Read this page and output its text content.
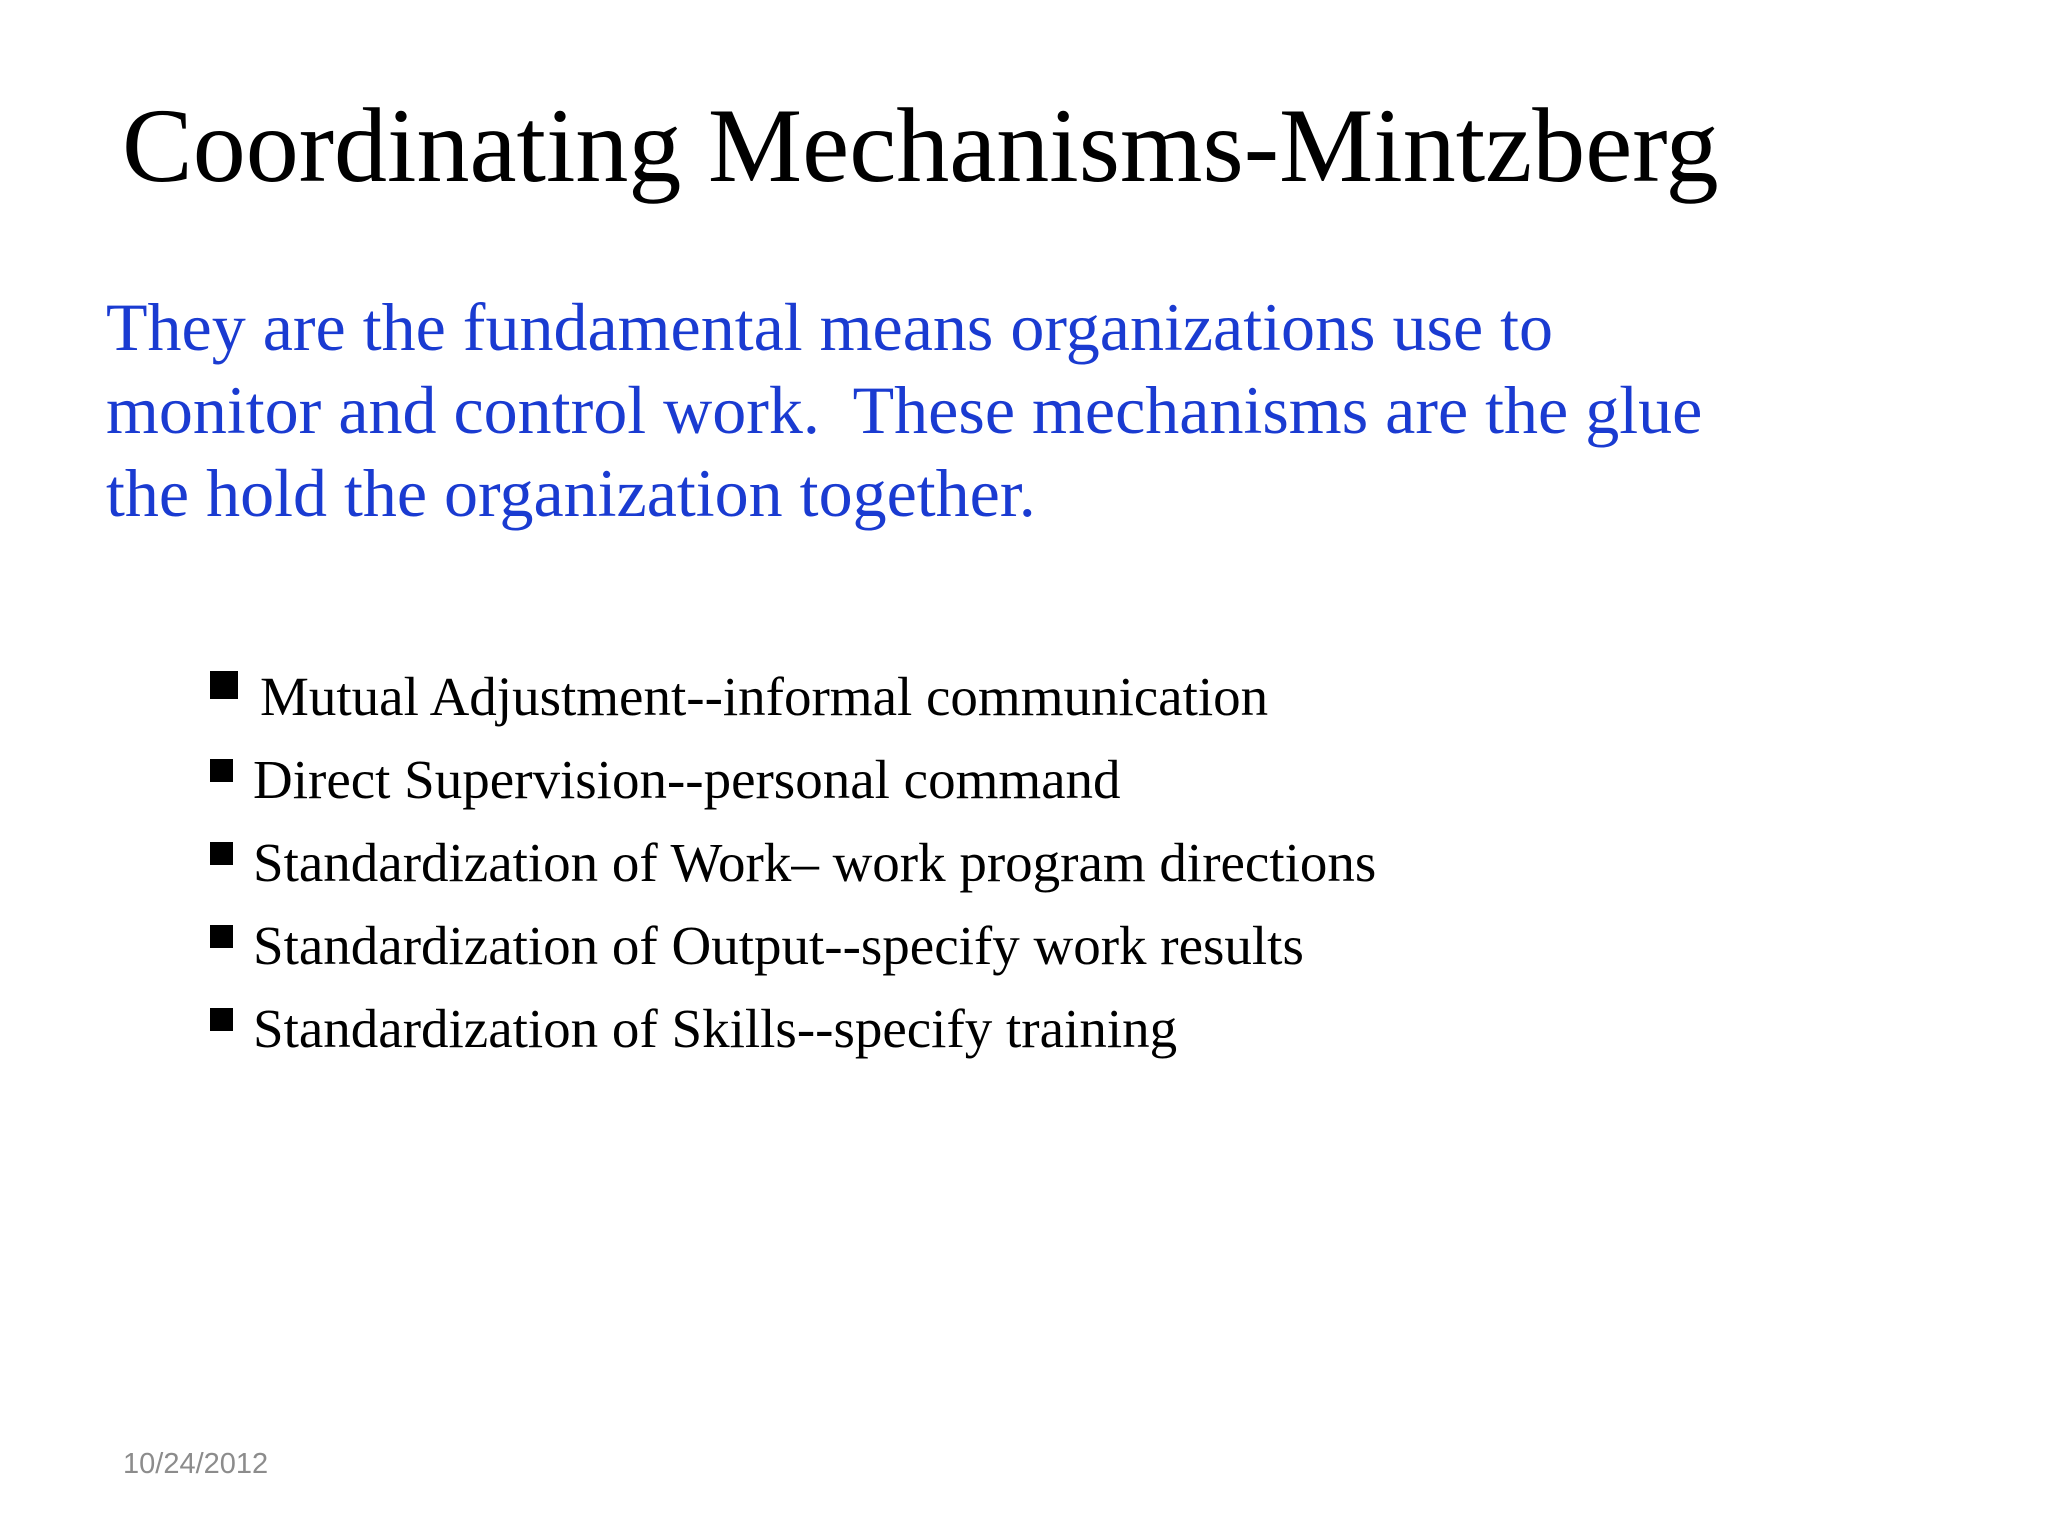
Coordinating Mechanisms-Mintzberg

They are the fundamental means organizations use to
monitor and control work.  These mechanisms are the glue
the hold the organization together.

Mutual Adjustment--informal communication
Direct Supervision--personal command
Standardization of Work– work program directions
Standardization of Output--specify work results
Standardization of Skills--specify training
10/24/2012
